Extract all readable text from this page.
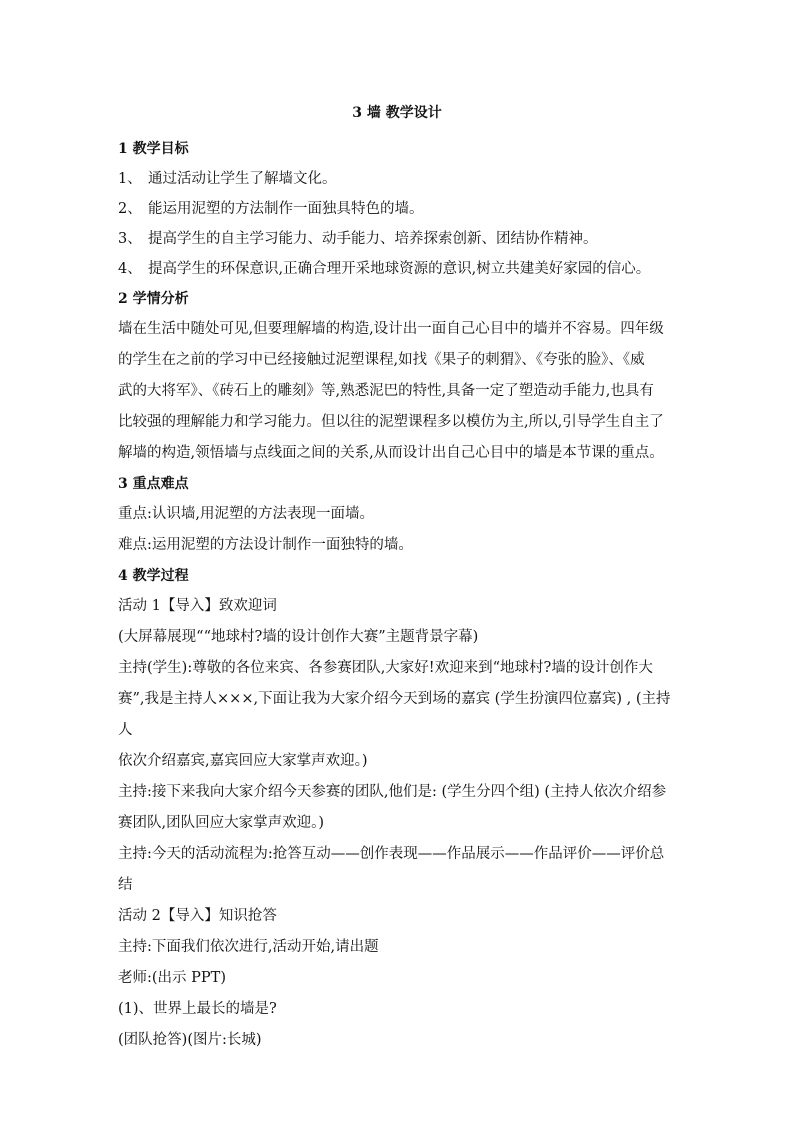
3 墙 教学设计

1 教学目标

1、 通过活动让学生了解墙文化。

2、 能运用泥塑的方法制作一面独具特色的墙。

3、 提高学生的自主学习能力、动手能力、培养探索创新、团结协作精神。

4、 提高学生的环保意识,正确合理开采地球资源的意识,树立共建美好家园的信心。

2 学情分析

墙在生活中随处可见,但要理解墙的构造,设计出一面自己心目中的墙并不容易。四年级

的学生在之前的学习中已经接触过泥塑课程,如找《果子的刺猬》、《夸张的脸》、《威

武的大将军》、《砖石上的雕刻》等,熟悉泥巴的特性,具备一定了塑造动手能力,也具有

比较强的理解能力和学习能力。但以往的泥塑课程多以模仿为主,所以,引导学生自主了

解墙的构造,领悟墙与点线面之间的关系,从而设计出自己心目中的墙是本节课的重点。

3 重点难点

重点:认识墙,用泥塑的方法表现一面墙。

难点:运用泥塑的方法设计制作一面独特的墙。

4 教学过程

活动 1【导入】致欢迎词

(大屏幕展现““地球村?墙的设计创作大赛”主题背景字幕)

主持(学生):尊敬的各位来宾、各参赛团队,大家好!欢迎来到“地球村?墙的设计创作大

赛”,我是主持人×××,下面让我为大家介绍今天到场的嘉宾 (学生扮演四位嘉宾) , (主持人

依次介绍嘉宾,嘉宾回应大家掌声欢迎。)

主持:接下来我向大家介绍今天参赛的团队,他们是: (学生分四个组) (主持人依次介绍参

赛团队,团队回应大家掌声欢迎。)

主持:今天的活动流程为:抢答互动——创作表现——作品展示——作品评价——评价总

结

活动 2【导入】知识抢答

主持:下面我们依次进行,活动开始,请出题

老师:(出示 PPT)

(1)、世界上最长的墙是?

(团队抢答)(图片:长城)
